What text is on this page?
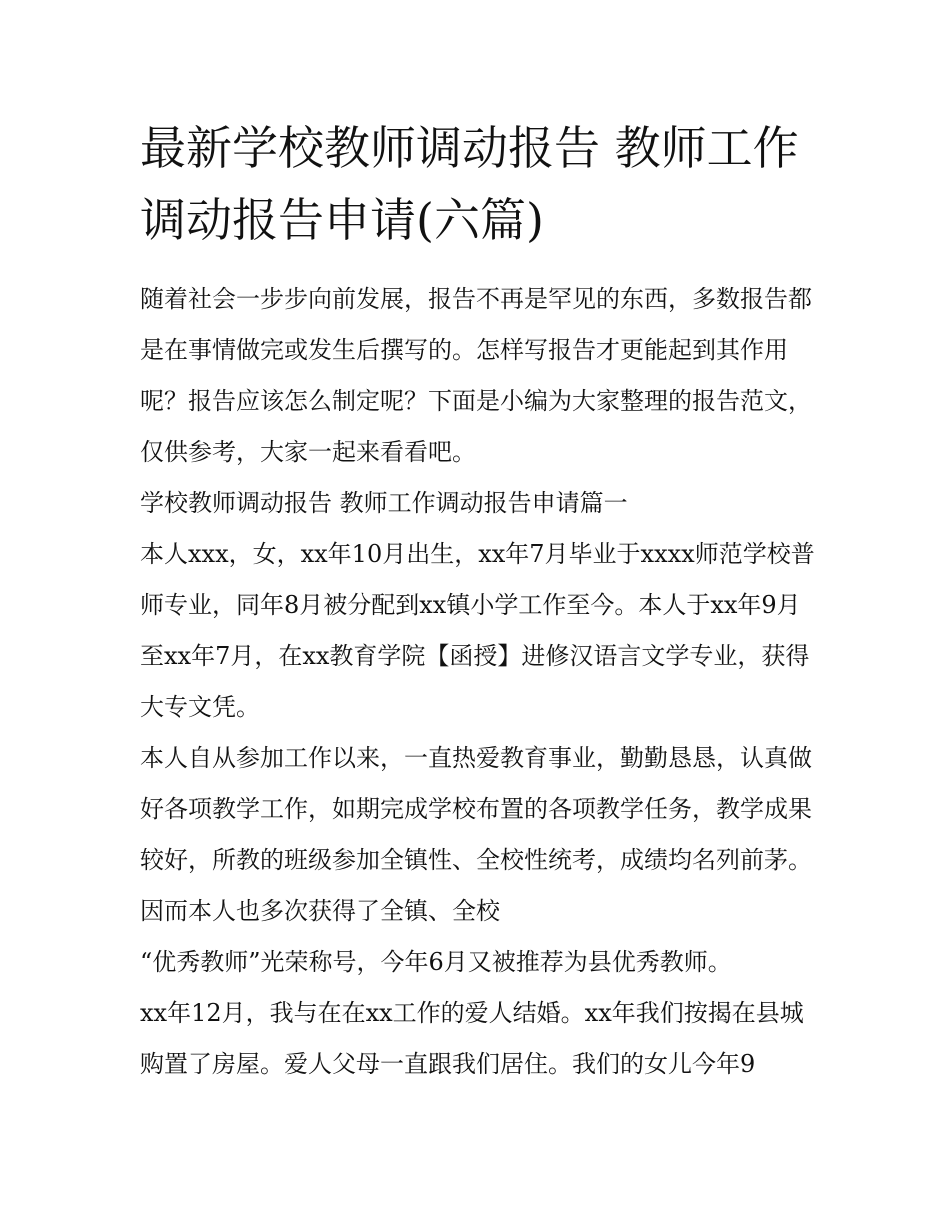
最新学校教师调动报告 教师工作调动报告申请(六篇)

随着社会一步步向前发展，报告不再是罕见的东西，多数报告都是在事情做完或发生后撰写的。怎样写报告才更能起到其作用呢？报告应该怎么制定呢？下面是小编为大家整理的报告范文，仅供参考，大家一起来看看吧。

学校教师调动报告 教师工作调动报告申请篇一

本人xxx，女，xx年10月出生，xx年7月毕业于xxxx师范学校普师专业，同年8月被分配到xx镇小学工作至今。本人于xx年9月至xx年7月，在xx教育学院【函授】进修汉语言文学专业，获得大专文凭。

本人自从参加工作以来，一直热爱教育事业，勤勤恳恳，认真做好各项教学工作，如期完成学校布置的各项教学任务，教学成果较好，所教的班级参加全镇性、全校性统考，成绩均名列前茅。因而本人也多次获得了全镇、全校

“优秀教师”光荣称号，今年6月又被推荐为县优秀教师。

xx年12月，我与在在xx工作的爱人结婚。xx年我们按揭在县城购置了房屋。爱人父母一直跟我们居住。我们的女儿今年9
